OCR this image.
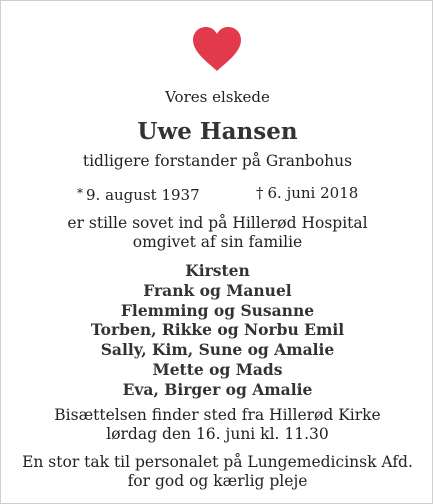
Vores elskede
Uwe Hansen
tidligere forstander på Granbohus
* 9. august 1937	† 6. juni 2018
er stille sovet ind på Hillerød Hospital
omgivet af sin familie
Kirsten
Frank og Manuel
Flemming og Susanne
Torben, Rikke og Norbu Emil
Sally, Kim, Sune og Amalie
Mette og Mads
Eva, Birger og Amalie
Bisættelsen finder sted fra Hillerød Kirke
lørdag den 16. juni kl. 11.30
En stor tak til personalet på Lungemedicinsk Afd.
for god og kærlig pleje
